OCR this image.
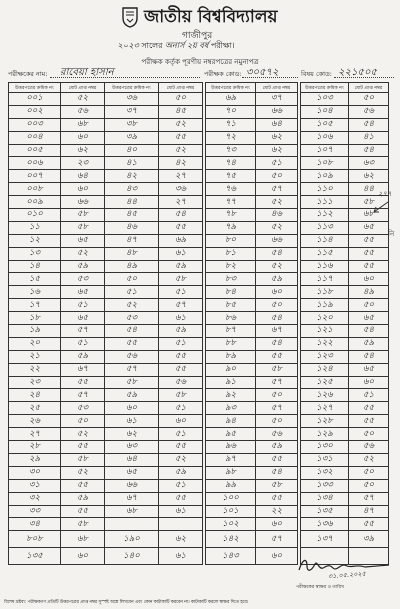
জাতীয় বিশ্ববিদ্যালয়
গাজীপুর
২০২৩ সালের অনার্স ২য় বর্ষ পরীক্ষা।
পরীক্ষক কর্তৃক পূরণীয় নম্বরপত্রের নমুনাপত্র
পরীক্ষকের নাম: রাবেয়া হাসান	পরীক্ষক কোড: ৩০৫৭২	বিষয় কোড: ২২১৫০৫
উত্তরপত্রের ক্রমিক নং	মোট প্রাপ্ত নম্বর	উত্তরপত্রের ক্রমিক নং	মোট প্রাপ্ত নম্বর		উত্তরপত্রের ক্রমিক নং	মোট প্রাপ্ত নম্বর		উত্তরপত্রের ক্রমিক নং	মোট প্রাপ্ত নম্বর
০০১	৫২	৩৬	৫০		৬৯	৩৭		১০৩	৫০
০০২	৫৬	৩৭	৪৫		৭০	৬৬		১০৪	৫৬
০০৩	৬৮	৩৮	৫২		৭১	৬৪		১০৫	৫৪
০০৪	৬০	৩৯	৫৫		৭২	৬২		১০৬	৪১
০০৫	৬২	৪০	৫২		৭৩	৬২		১০৭	৫৪
০০৬	২৩	৪১	৪২		৭৪	৫১		১০৮	৬৩
০০৭	৬৪	৪২	২৭		৭৫	৫০		১০৯	৬২
০০৮	৬০	৪৩	৩৬		৭৬	৫৭		১১০	৪৪
০০৯	৬৬	৪৪	২৭		৭৭	৫২		১১১	৫৮
০১০	৫৮	৪৫	৫৪		৭৮	৪৬		১১২	৬৮
১১	৫৮	৪৬	৫৫		৭৯	৫২		১১৩	৬৫
১২	৬৫	৪৭	৬৯		৮০	৬৬		১১৪	৫৫
১৩	৫২	৪৮	৬১		৮১	৫৪		১১৫	৫৫
১৪	৫৯	৪৯	৫৯		৮২	৫২		১১৬	৫৫
১৫	৫৩	৫০	৫৮		৮৩	৫৯		১১৭	৬০
১৬	৬৫	৫১	৫১		৮৪	৬০		১১৮	৪৯
১৭	৫১	৫২	৫৭		৮৫	৫০		১১৯	৫০
১৮	৬৫	৫৩	৬১		৮৬	৫৪		১২০	৬৫
১৯	৫৭	৫৪	৫৯		৮৭	৬৭		১২১	৫৪
২০	৫১	৫৫	৫১		৮৮	৫৪		১২২	৫৯
২১	৫৯	৫৬	৫৫		৮৯	৫৫		১২৩	৫৪
২২	৬৭	৫৭	৫৫		৯০	৫৮		১২৪	৬৫
২৩	৫৫	৫৮	৫৬		৯১	৫৭		১২৫	৬০
২৪	৫৭	৫৯	৫৮		৯২	৫০		১২৬	৫১
২৫	৫৩	৬০	৫১		৯৩	৫৭		১২৭	৫৫
২৬	৫০	৬১	৬০		৯৪	৫০		১২৮	৫৫
২৭	৫২	৬২	৫১		৯৫	৫৬		১২৯	৫০
২৮	৫৫	৬৩	৫৫		৯৬	৫৯		১৩০	৫৬
২৯	৫৮	৬৪	৫২		৯৭	৫৫		১৩১	৫২
৩০	৫২	৬৫	৫৯		৯৮	৫৪		১৩২	৫০
৩১	৫৫	৬৬	৫১		৯৯	৫৮		১৩৩	৫০
৩২	৫৯	৬৭	৫৫		১০০	৫৫		১৩৪	৫৭
৩৩	৫৫	৬৮	৬১		১০১	২২		১৩৫	৪৭
৩৪	৫৮				১০২	৬০		১৩৬	৫৫
৮০৮	৬৮	১৯০	৬২		১৪২	৫৭		১৩৭	৩৯
১৩৫	৬০	১৪০	৬১		১৪৩	৬০			
২৭৭
নি
৩১.০৫.২০২৫
পরীক্ষকের স্বাক্ষর ও তারিখ
বিশেষ দ্রষ্টব্য: পরীক্ষকগণ প্রতিটি উত্তরপত্রের প্রাপ্ত নম্বর সুস্পষ্ট অঙ্কে লিখবেন এবং কোন কাটাকাটি করবেন না। কাটাকাটি করলে স্বাক্ষর দিতে হবে।
